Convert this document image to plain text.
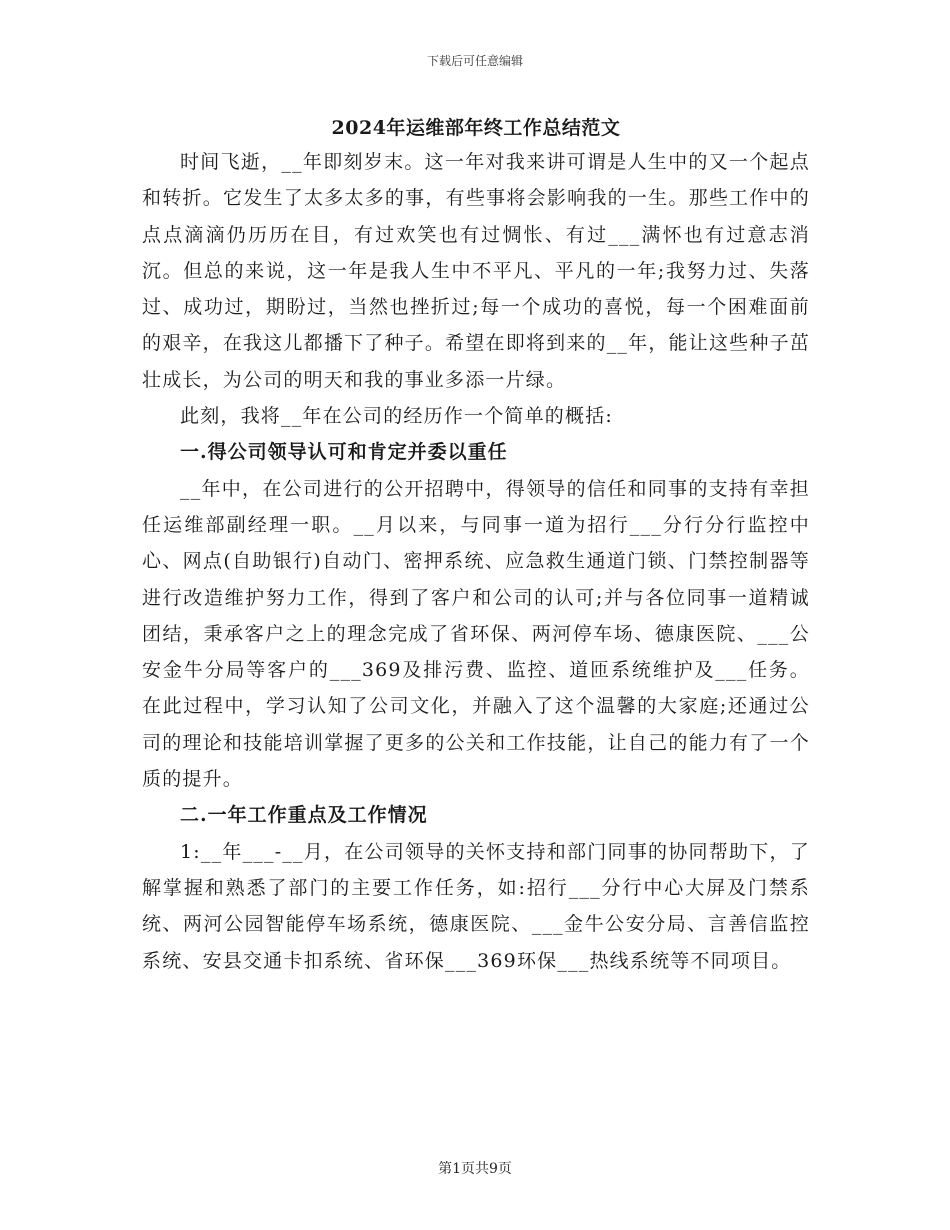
下载后可任意编辑
2024年运维部年终工作总结范文

时间飞逝，__年即刻岁末。这一年对我来讲可谓是人生中的又一个起点和转折。它发生了太多太多的事，有些事将会影响我的一生。那些工作中的点点滴滴仍历历在目，有过欢笑也有过惆怅、有过___满怀也有过意志消沉。但总的来说，这一年是我人生中不平凡、平凡的一年;我努力过、失落过、成功过，期盼过，当然也挫折过;每一个成功的喜悦，每一个困难面前的艰辛，在我这儿都播下了种子。希望在即将到来的__年，能让这些种子茁壮成长，为公司的明天和我的事业多添一片绿。

此刻，我将__年在公司的经历作一个简单的概括:

一.得公司领导认可和肯定并委以重任

__年中，在公司进行的公开招聘中，得领导的信任和同事的支持有幸担任运维部副经理一职。__月以来，与同事一道为招行___分行分行监控中心、网点(自助银行)自动门、密押系统、应急救生通道门锁、门禁控制器等进行改造维护努力工作，得到了客户和公司的认可;并与各位同事一道精诚团结，秉承客户之上的理念完成了省环保、两河停车场、德康医院、___公安金牛分局等客户的___369及排污费、监控、道匝系统维护及___任务。在此过程中，学习认知了公司文化，并融入了这个温馨的大家庭;还通过公司的理论和技能培训掌握了更多的公关和工作技能，让自己的能力有了一个质的提升。

二.一年工作重点及工作情况

1:__年___-__月，在公司领导的关怀支持和部门同事的协同帮助下，了解掌握和熟悉了部门的主要工作任务，如:招行___分行中心大屏及门禁系统、两河公园智能停车场系统，德康医院、___金牛公安分局、言善信监控系统、安县交通卡扣系统、省环保___369环保___热线系统等不同项目。

第1页共9页
